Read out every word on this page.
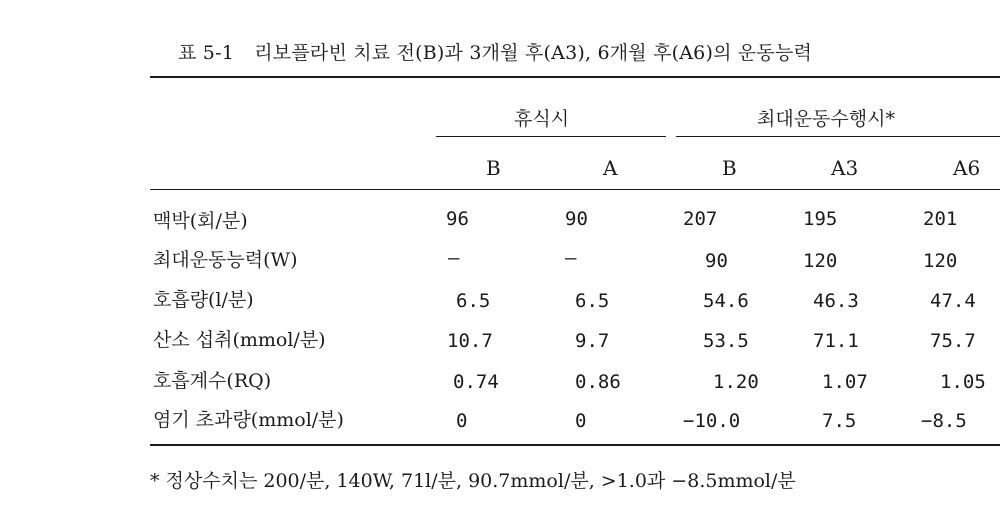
표 5-1 리보플라빈 치료 전(B)과 3개월 후(A3), 6개월 후(A6)의 운동능력
휴식시	최대운동수행시*
B	A	B	A3	A6
맥박(회/분)	96	90	207	195	201
최대운동능력(W)	—	—	90	120	120
호흡량(l/분)	6.5	6.5	54.6	46.3	47.4
산소 섭취(mmol/분)	10.7	9.7	53.5	71.1	75.7
호흡계수(RQ)	0.74	0.86	1.20	1.07	1.05
염기 초과량(mmol/분)	0	0	−10.0	7.5	−8.5
* 정상수치는 200/분, 140W, 71l/분, 90.7mmol/분, >1.0과 −8.5mmol/분
